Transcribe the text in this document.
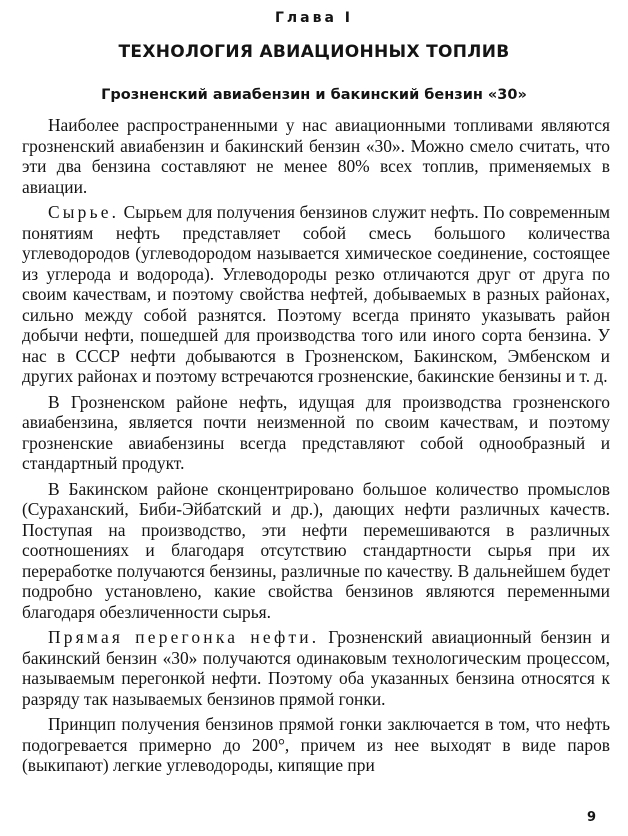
Глава I
ТЕХНОЛОГИЯ АВИАЦИОННЫХ ТОПЛИВ
Грозненский авиабензин и бакинский бензин «30»

Наиболее распространенными у нас авиационными топливами являются грозненский авиабензин и бакинский бензин «30». Можно смело считать, что эти два бензина составляют не менее 80% всех топлив, применяемых в авиации.

Сырье. Сырьем для получения бензинов служит нефть. По современным понятиям нефть представляет собой смесь большого количества углеводородов (углеводородом называется химическое соединение, состоящее из углерода и водорода). Углеводороды резко отличаются друг от друга по своим качествам, и поэтому свойства нефтей, добываемых в разных районах, сильно между собой разнятся. Поэтому всегда принято указывать район добычи нефти, пошедшей для производства того или иного сорта бензина. У нас в СССР нефти добываются в Грозненском, Бакинском, Эмбенском и других районах и поэтому встречаются грозненские, бакинские бензины и т. д.

В Грозненском районе нефть, идущая для производства грозненского авиабензина, является почти неизменной по своим качествам, и поэтому грозненские авиабензины всегда представляют собой однообразный и стандартный продукт.

В Бакинском районе сконцентрировано большое количество промыслов (Сураханский, Биби-Эйбатский и др.), дающих нефти различных качеств. Поступая на производство, эти нефти перемешиваются в различных соотношениях и благодаря отсутствию стандартности сырья при их переработке получаются бензины, различные по качеству. В дальнейшем будет подробно установлено, какие свойства бензинов являются переменными благодаря обезличенности сырья.

Прямая перегонка нефти. Грозненский авиационный бензин и бакинский бензин «30» получаются одинаковым технологическим процессом, называемым перегонкой нефти. Поэтому оба указанных бензина относятся к разряду так называемых бензинов прямой гонки.

Принцип получения бензинов прямой гонки заключается в том, что нефть подогревается примерно до 200°, причем из нее выходят в виде паров (выкипают) легкие углеводороды, кипящие при

9
